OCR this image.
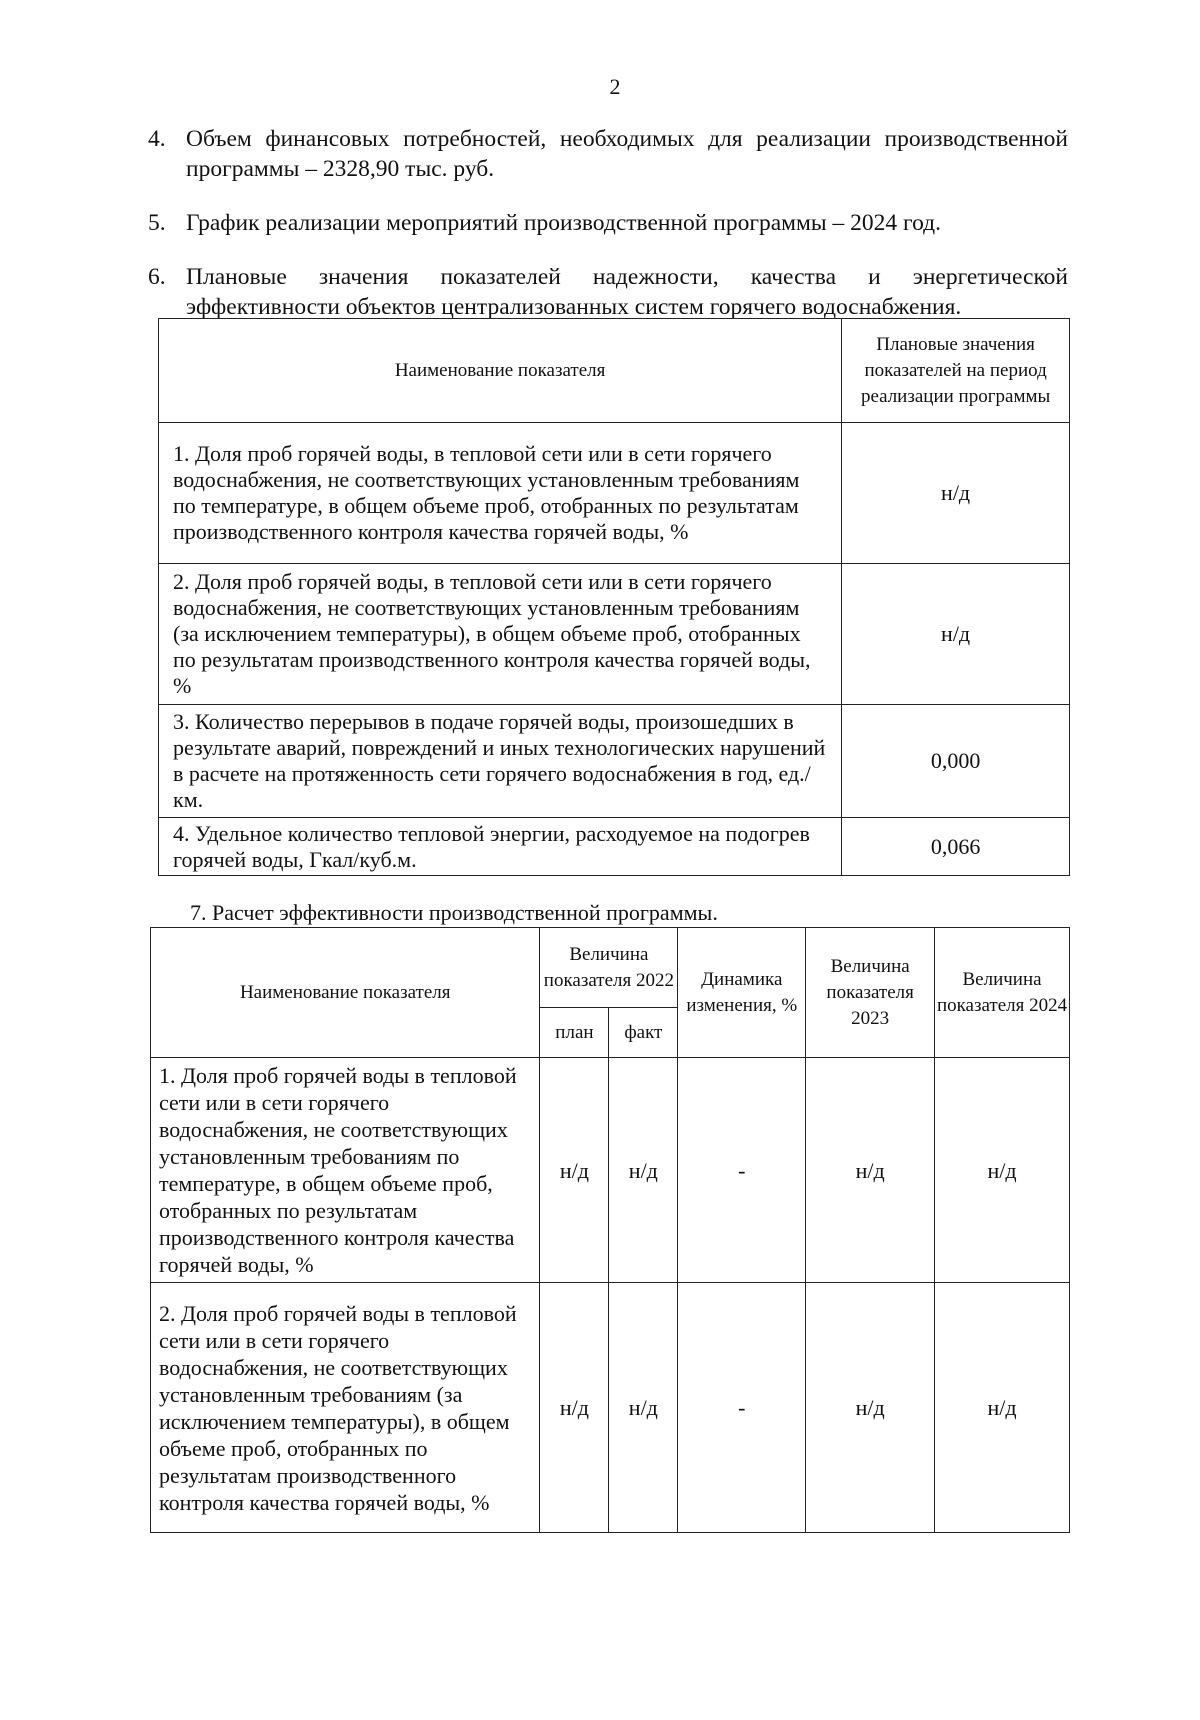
2
4. Объем финансовых потребностей, необходимых для реализации производственной
программы – 2328,90 тыс. руб.
5. График реализации мероприятий производственной программы – 2024 год.
6. Плановые значения показателей надежности, качества и энергетической
эффективности объектов централизованных систем горячего водоснабжения.
Наименование показателя	Плановые значения показателей на период реализации программы
1. Доля проб горячей воды, в тепловой сети или в сети горячего водоснабжения, не соответствующих установленным требованиям по температуре, в общем объеме проб, отобранных по результатам производственного контроля качества горячей воды, %	н/д
2. Доля проб горячей воды, в тепловой сети или в сети горячего водоснабжения, не соответствующих установленным требованиям (за исключением температуры), в общем объеме проб, отобранных по результатам производственного контроля качества горячей воды, %	н/д
3. Количество перерывов в подаче горячей воды, произошедших в результате аварий, повреждений и иных технологических нарушений в расчете на протяженность сети горячего водоснабжения в год, ед./км.	0,000
4. Удельное количество тепловой энергии, расходуемое на подогрев горячей воды, Гкал/куб.м.	0,066
7. Расчет эффективности производственной программы.
Наименование показателя	Величина показателя 2022		Динамика изменения, %	Величина показателя 2023	Величина показателя 2024
	план	факт			
1. Доля проб горячей воды в тепловой сети или в сети горячего водоснабжения, не соответствующих установленным требованиям по температуре, в общем объеме проб, отобранных по результатам производственного контроля качества горячей воды, %	н/д	н/д	-	н/д	н/д
2. Доля проб горячей воды в тепловой сети или в сети горячего водоснабжения, не соответствующих установленным требованиям (за исключением температуры), в общем объеме проб, отобранных по результатам производственного контроля качества горячей воды, %	н/д	н/д	-	н/д	н/д
